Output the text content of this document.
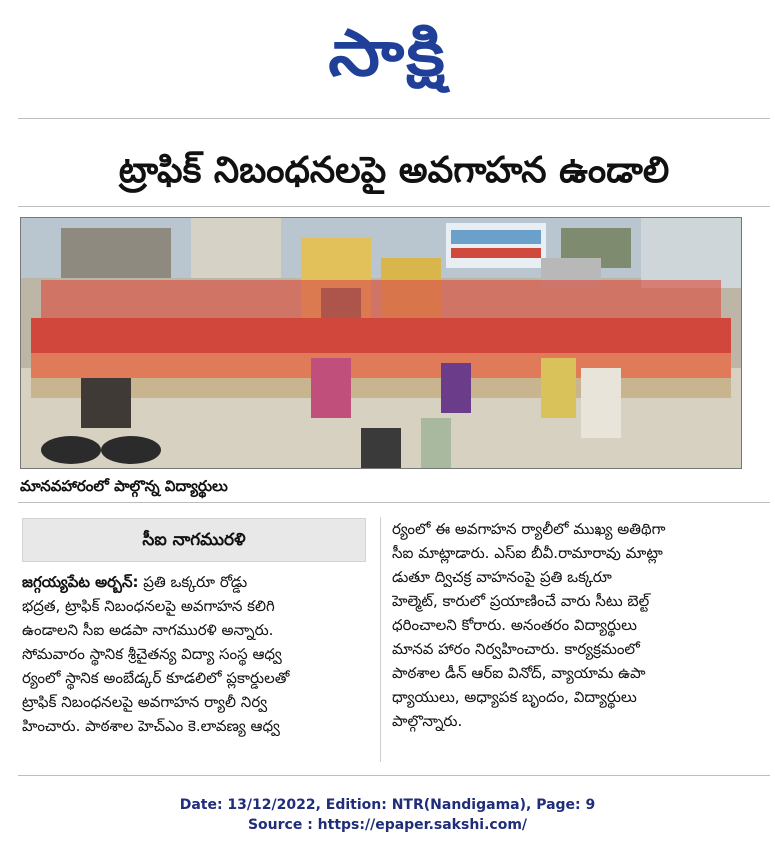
సాక్షి
ట్రాఫిక్ నిబంధనలపై అవగాహన ఉండాలి
మానవహారంలో పాల్గొన్న విద్యార్థులు
సీఐ నాగమురళి
జగ్గయ్యపేట అర్బన్: ప్రతి ఒక్కరూ రోడ్డు
భద్రత, ట్రాఫిక్ నిబంధనలపై అవగాహన కలిగి
ఉండాలని సీఐ అడపా నాగమురళి అన్నారు.
సోమవారం స్థానిక శ్రీచైతన్య విద్యా సంస్థ ఆధ్వ
ర్యంలో స్థానిక అంబేడ్కర్ కూడలిలో ప్లకార్డులతో
ట్రాఫిక్ నిబంధనలపై అవగాహన ర్యాలీ నిర్వ
హించారు. పాఠశాల హెచ్ఎం కె.లావణ్య ఆధ్వ
ర్యంలో ఈ అవగాహన ర్యాలీలో ముఖ్య అతిథిగా
సీఐ మాట్లాడారు. ఎస్ఐ బీవీ.రామారావు మాట్లా
డుతూ ద్విచక్ర వాహనంపై ప్రతి ఒక్కరూ
హెల్మెట్, కారులో ప్రయాణించే వారు సీటు బెల్ట్
ధరించాలని కోరారు. అనంతరం విద్యార్థులు
మానవ హారం నిర్వహించారు. కార్యక్రమంలో
పాఠశాల డీన్ ఆర్ఐ వినోద్, వ్యాయామ ఉపా
ధ్యాయులు, అధ్యాపక బృందం, విద్యార్థులు
పాల్గొన్నారు.
Date: 13/12/2022, Edition: NTR(Nandigama), Page: 9
Source : https://epaper.sakshi.com/
